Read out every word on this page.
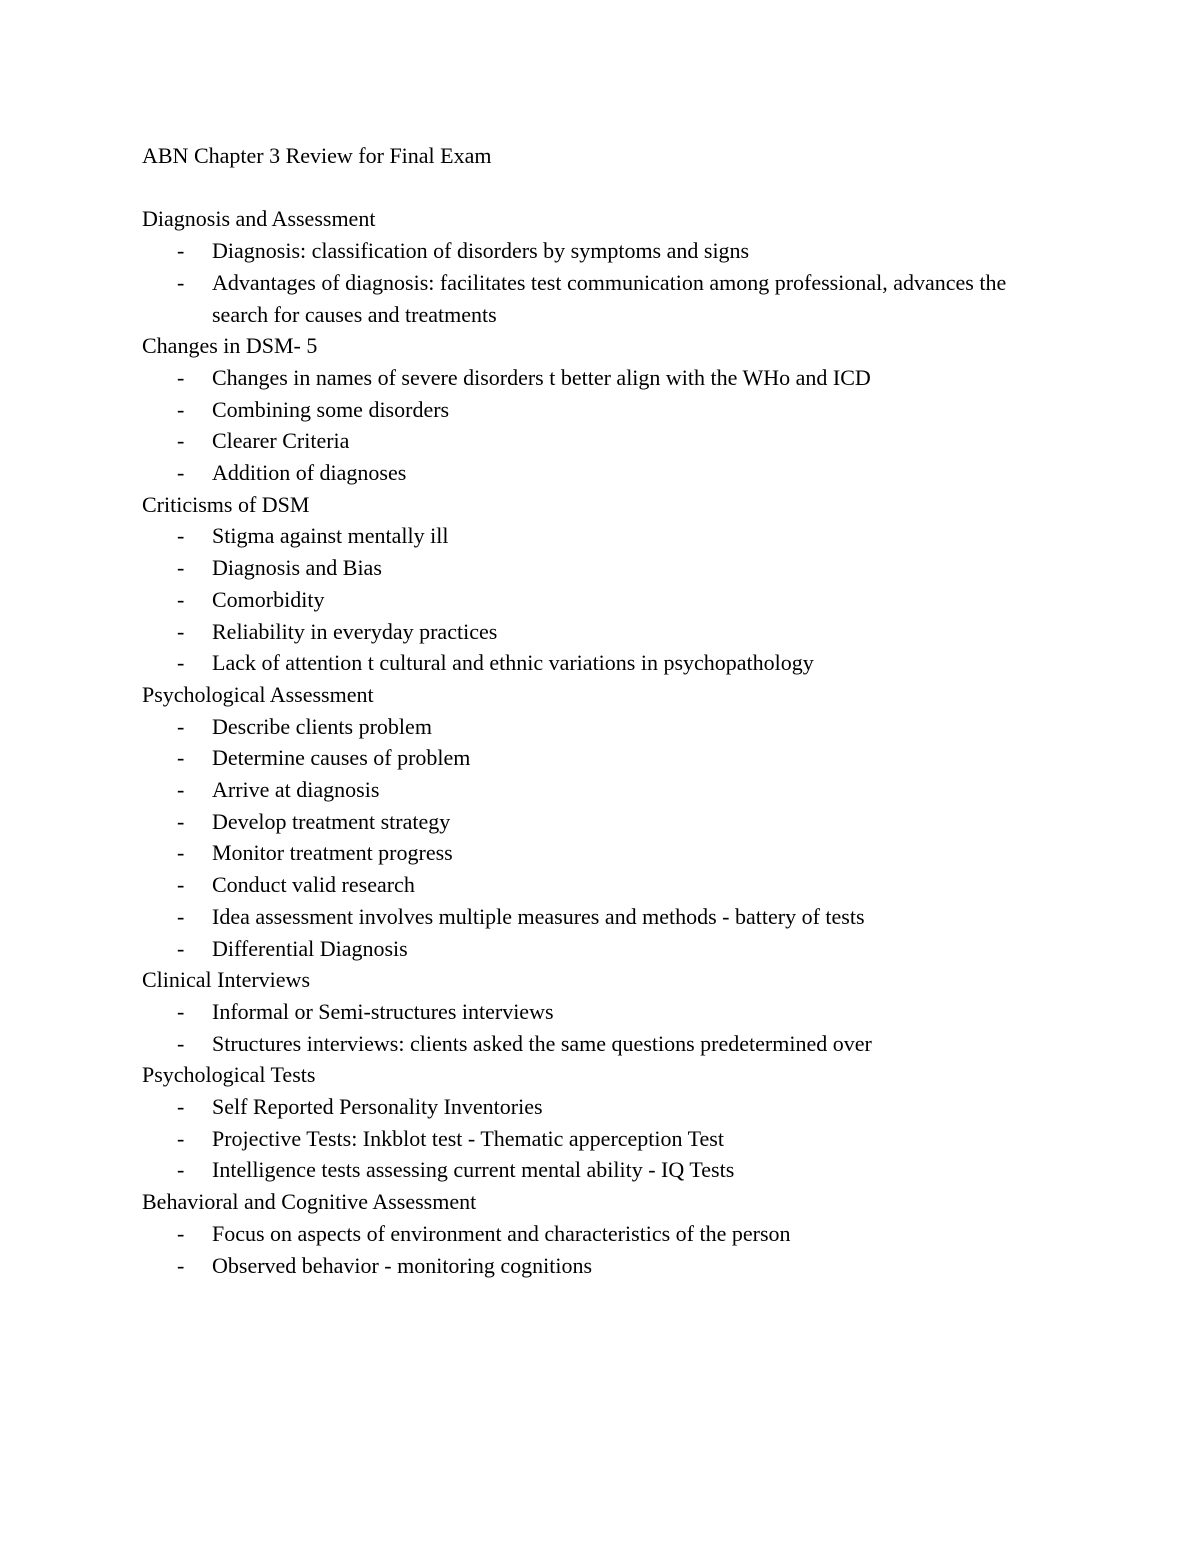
ABN Chapter 3 Review for Final Exam
Diagnosis and Assessment
- Diagnosis: classification of disorders by symptoms and signs
- Advantages of diagnosis: facilitates test communication among professional, advances the search for causes and treatments
Changes in DSM- 5
- Changes in names of severe disorders t better align with the WHo and ICD
- Combining some disorders
- Clearer Criteria
- Addition of diagnoses
Criticisms of DSM
- Stigma against mentally ill
- Diagnosis and Bias
- Comorbidity
- Reliability in everyday practices
- Lack of attention t cultural and ethnic variations in psychopathology
Psychological Assessment
- Describe clients problem
- Determine causes of problem
- Arrive at diagnosis
- Develop treatment strategy
- Monitor treatment progress
- Conduct valid research
- Idea assessment involves multiple measures and methods - battery of tests
- Differential Diagnosis
Clinical Interviews
- Informal or Semi-structures interviews
- Structures interviews: clients asked the same questions predetermined over
Psychological Tests
- Self Reported Personality Inventories
- Projective Tests: Inkblot test - Thematic apperception Test
- Intelligence tests assessing current mental ability - IQ Tests
Behavioral and Cognitive Assessment
- Focus on aspects of environment and characteristics of the person
- Observed behavior - monitoring cognitions
